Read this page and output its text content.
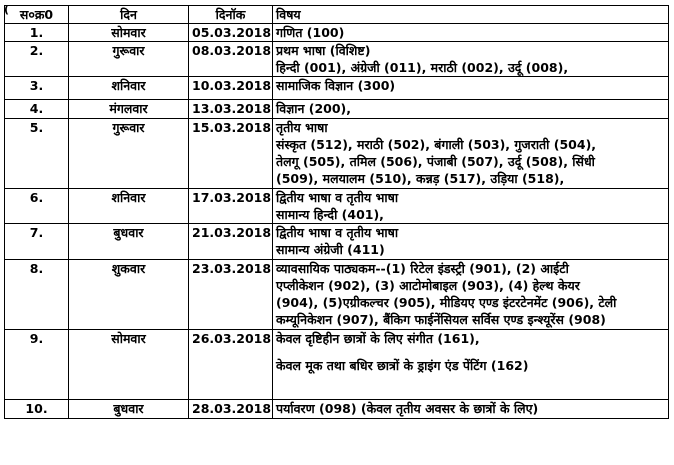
( स०क्र0	दिन	दिनॉक	विषय
1.	सोमवार	05.03.2018	गणित (100)

2.	गुरूवार	08.03.2018	प्रथम भाषा (विशिष्ट)
हिन्दी (001), अंग्रेजी (011), मराठी (002), उर्दू (008),

3.	शनिवार	10.03.2018	सामाजिक विज्ञान (300)

4.	मंगलवार	13.03.2018	विज्ञान (200),

5.	गुरूवार	15.03.2018	तृतीय भाषा
संस्कृत (512), मराठी (502), बंगाली (503), गुजराती (504),
तेलगू (505), तमिल (506), पंजाबी (507), उर्दू (508), सिंधी
(509), मलयालम (510), कन्नड़ (517), उड़िया (518),

6.	शनिवार	17.03.2018	द्वितीय भाषा व तृतीय भाषा
सामान्य हिन्दी (401),

7.	बुधवार	21.03.2018	द्वितीय भाषा व तृतीय भाषा
सामान्य अंग्रेजी (411)

8.	शुकवार	23.03.2018	व्यावसायिक पाठ्यकम--(1) रिटेल इंडस्ट्री (901), (2) आईटी
एप्लीकेशन (902), (3) आटोमोबाइल (903), (4) हेल्थ केयर
(904), (5)एग्रीकल्चर (905), मीडियए एण्ड इंटरटेनमेंट (906), टेली
कम्यूनिकेशन (907), बैंकिग फाईनेंसियल सर्विस एण्ड इन्श्यूरेंस (908)

9.	सोमवार	26.03.2018	केवल दृष्टिहीन छात्रों के लिए संगीत (161),
केवल मूक तथा बधिर छात्रों के ड्राइंग एंड पेंटिंग (162)

10.	बुधवार	28.03.2018	पर्यावरण (098) (केवल तृतीय अवसर के छात्रों के लिए)
